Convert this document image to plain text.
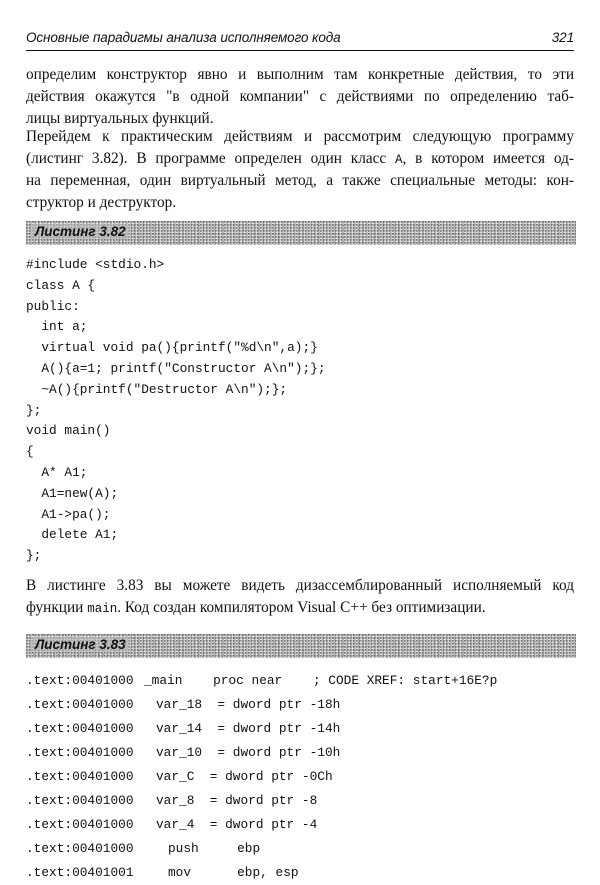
Основные парадигмы анализа исполняемого кода	321
определим конструктор явно и выполним там конкретные действия, то эти
действия окажутся "в одной компании" с действиями по определению таб-
лицы виртуальных функций.
Перейдем к практическим действиям и рассмотрим следующую программу
(листинг 3.82). В программе определен один класс A, в котором имеется од-
на переменная, один виртуальный метод, а также специальные методы: кон-
структор и деструктор.
Листинг 3.82
#include <stdio.h>
class A {
public:
int a;
virtual void pa(){printf("%d\n",a);}
A(){a=1; printf("Constructor A\n");};
~A(){printf("Destructor A\n");};
};
void main()
{
A* A1;
A1=new(A);
A1->pa();
delete A1;
};
В листинге 3.83 вы можете видеть дизассемблированный исполняемый код
функции main. Код создан компилятором Visual C++ без оптимизации.
Листинг 3.83
.text:00401000 _main    proc near    ; CODE XREF: start+16E?p
.text:00401000 var_18  = dword ptr -18h
.text:00401000 var_14  = dword ptr -14h
.text:00401000 var_10  = dword ptr -10h
.text:00401000 var_C  = dword ptr -0Ch
.text:00401000 var_8  = dword ptr -8
.text:00401000 var_4  = dword ptr -4
.text:00401000	push     ebp
.text:00401001	mov      ebp, esp
